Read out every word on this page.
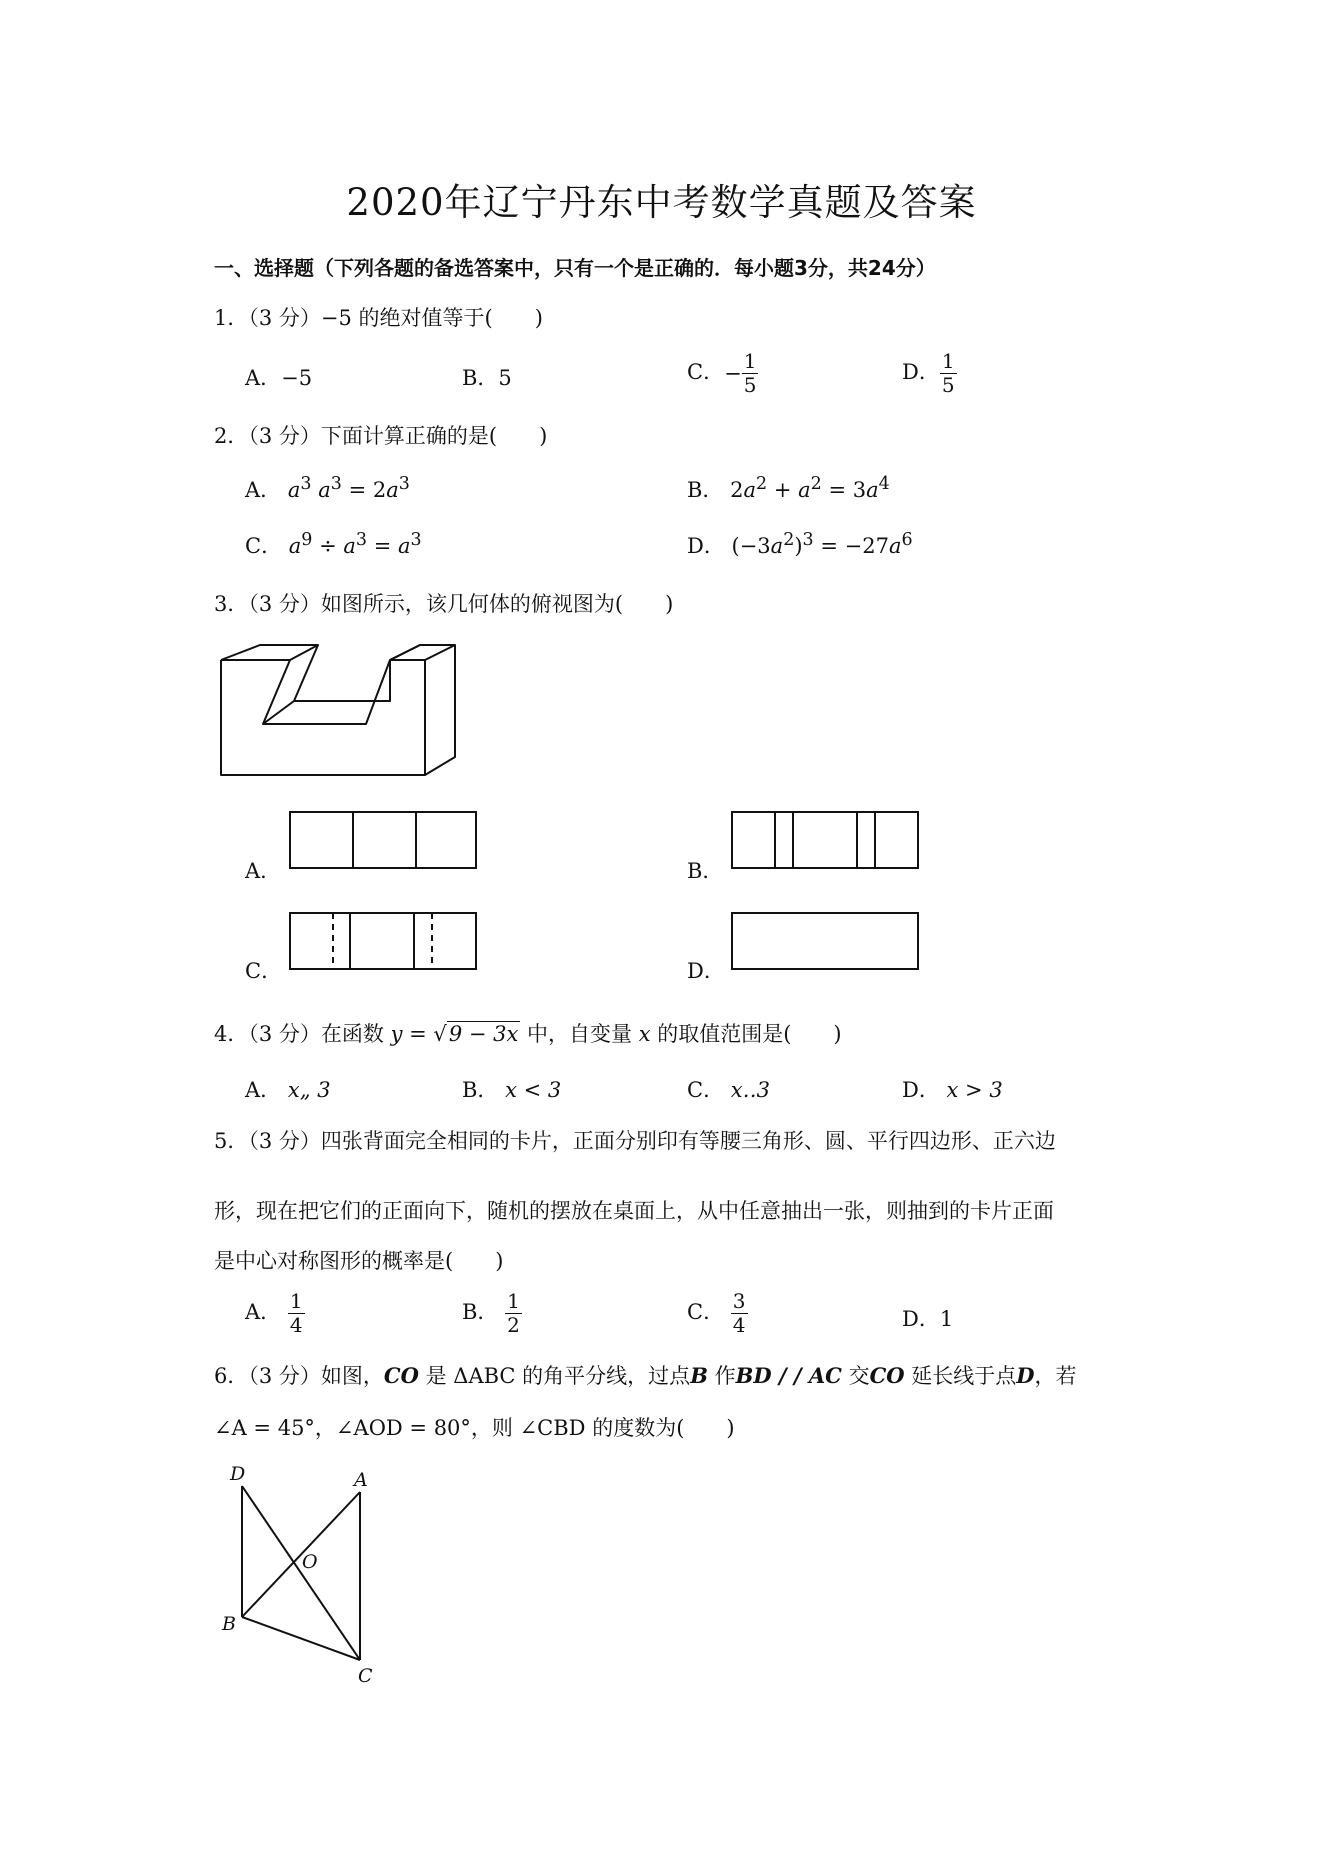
2020年辽宁丹东中考数学真题及答案
一、选择题（下列各题的备选答案中，只有一个是正确的．每小题3分，共24分）
1．（3 分）−5 的绝对值等于(　　)
A．−5	B．5	C．− $\frac{1}{5}$	D． $\frac{1}{5}$
2．（3 分）下面计算正确的是(　　)
A． $a^3$ $a^3 = 2a^3$	B． $2a^2 + a^2 = 3a^4$
C． $a^9 \div a^3 = a^3$	D． $(-3a^2)^3 = -27a^6$
3．（3 分）如图所示，该几何体的俯视图为(　　)
A．	B．
C．	D．
4．（3 分）在函数 y = √9 − 3x 中，自变量 x 的取值范围是(　　)
A． x„ 3	B． x < 3	C． x‥3	D． x > 3
5．（3 分）四张背面完全相同的卡片，正面分别印有等腰三角形、圆、平行四边形、正六边
形，现在把它们的正面向下，随机的摆放在桌面上，从中任意抽出一张，则抽到的卡片正面
是中心对称图形的概率是(　　)
A． $\frac{1}{4}$	B． $\frac{1}{2}$	C． $\frac{3}{4}$	D．1
6．（3 分）如图，CO 是 ΔABC 的角平分线，过点B 作BD / / AC 交CO 延长线于点D，若
∠A = 45°，∠AOD = 80°，则 ∠CBD 的度数为(　　)
D	A
O
B
C
